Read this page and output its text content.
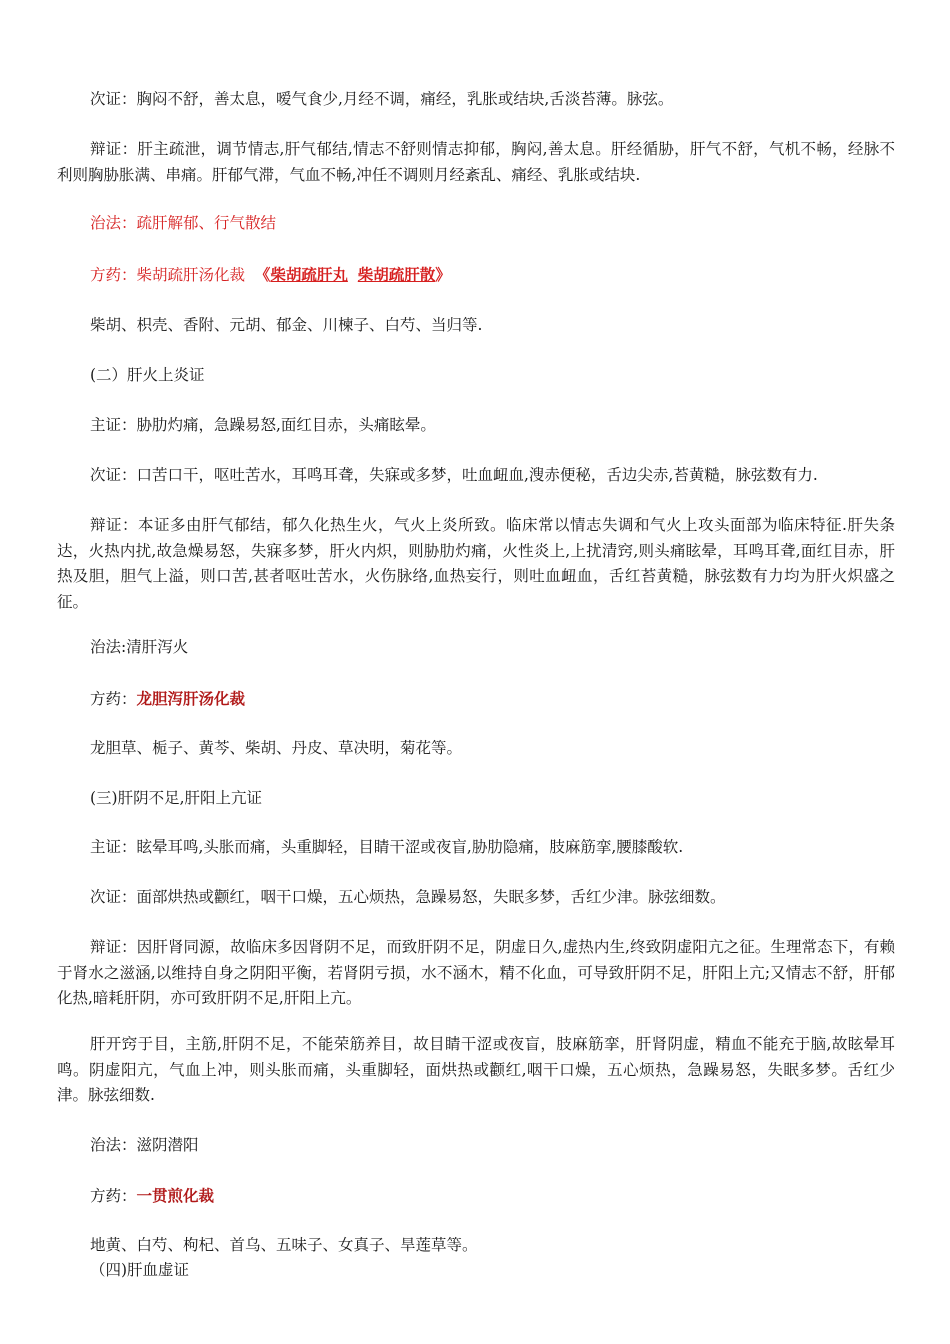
次证：胸闷不舒，善太息，嗳气食少,月经不调，痛经，乳胀或结块,舌淡苔薄。脉弦。
辩证：肝主疏泄，调节情志,肝气郁结,情志不舒则情志抑郁，胸闷,善太息。肝经循胁，肝气不舒，气机不畅，经脉不利则胸胁胀满、串痛。肝郁气滞，气血不畅,冲任不调则月经紊乱、痛经、乳胀或结块.
治法：疏肝解郁、行气散结
方药：柴胡疏肝汤化裁 《柴胡疏肝丸 柴胡疏肝散》
柴胡、枳壳、香附、元胡、郁金、川楝子、白芍、当归等.
(二）肝火上炎证
主证：胁肋灼痛，急躁易怒,面红目赤，头痛眩晕。
次证：口苦口干，呕吐苦水，耳鸣耳聋，失寐或多梦，吐血衄血,溲赤便秘，舌边尖赤,苔黄糙，脉弦数有力.
辩证：本证多由肝气郁结，郁久化热生火，气火上炎所致。临床常以情志失调和气火上攻头面部为临床特征.肝失条达，火热内扰,故急燥易怒，失寐多梦，肝火内炽，则胁肋灼痛，火性炎上,上扰清窍,则头痛眩晕，耳鸣耳聋,面红目赤，肝热及胆，胆气上溢，则口苦,甚者呕吐苦水，火伤脉络,血热妄行，则吐血衄血，舌红苔黄糙，脉弦数有力均为肝火炽盛之征。
治法:清肝泻火
方药：龙胆泻肝汤化裁
龙胆草、栀子、黄芩、柴胡、丹皮、草决明，菊花等。
(三)肝阴不足,肝阳上亢证
主证：眩晕耳鸣,头胀而痛，头重脚轻，目睛干涩或夜盲,胁肋隐痛，肢麻筋挛,腰膝酸软.
次证：面部烘热或颧红，咽干口燥，五心烦热，急躁易怒，失眠多梦，舌红少津。脉弦细数。
辩证：因肝肾同源，故临床多因肾阴不足，而致肝阴不足，阴虚日久,虚热内生,终致阴虚阳亢之征。生理常态下，有赖于肾水之滋涵,以维持自身之阴阳平衡，若肾阴亏损，水不涵木，精不化血，可导致肝阴不足，肝阳上亢;又情志不舒，肝郁化热,暗耗肝阴，亦可致肝阴不足,肝阳上亢。
肝开窍于目，主筋,肝阴不足，不能荣筋养目，故目睛干涩或夜盲，肢麻筋挛，肝肾阴虚，精血不能充于脑,故眩晕耳鸣。阴虚阳亢，气血上冲，则头胀而痛，头重脚轻，面烘热或颧红,咽干口燥，五心烦热，急躁易怒，失眠多梦。舌红少津。脉弦细数.
治法：滋阴潜阳
方药：一贯煎化裁
地黄、白芍、枸杞、首乌、五味子、女真子、旱莲草等。
（四)肝血虚证
